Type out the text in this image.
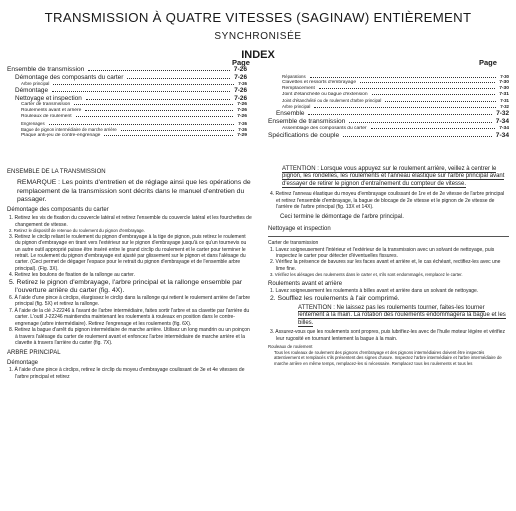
TRANSMISSION À QUATRE VITESSES (SAGINAW) ENTIÈREMENT
SYNCHRONISÉE
INDEX
Page	Page
Ensemble de transmission	7-26
Démontage des composants du carter	7-26
Arbre principal	7-26
Démontage	7-26
Nettoyage et inspection	7-26
Carter de transmission	7-26
Roulements avant et arrière	7-26
Rouleaux de roulement	7-26
Engrenages	7-26
Bague de pignon intermédiaire de marche arrière	7-26
Plaque anti-jeu de contre-engrenage	7-29
Réparations	7-30
Clavettes et ressorts d'embrayage	7-30
Remplacement	7-30
Joint d'étanchéité ou bague d'extension	7-31
Joint d'étanchéité ou de roulement d'arbre principal	7-31
Arbre principal	7-32
Ensemble	7-32
Ensemble de transmission	7-34
Assemblage des composants du carter	7-34
Spécifications de couple	7-34
ENSEMBLE DE LA TRANSMISSION

REMARQUE : Les points d'entretien et de réglage ainsi que les opérations de remplacement de la transmission sont décrits dans le manuel d'entretien du passager.

Démontage des composants du carter

1. Retirez les vis de fixation du couvercle latéral et retirez l'ensemble du couvercle latéral et les fourchettes de changement de vitesse.

2. Retirez le dispositif de retenue du roulement du pignon d'embrayage.

3. Retirez le circlip reliant le roulement du pignon d'embrayage à la tige de pignon, puis retirez le roulement du pignon d'embrayage en tirant vers l'extérieur sur le pignon d'embrayage jusqu'à ce qu'un tournevis ou un autre outil approprié puisse être inséré entre le grand circlip du roulement et le carter pour terminer le retrait. Le roulement du pignon d'embrayage est ajusté par glissement sur le pignon et dans l'alésage du carter. (Ceci permet de dégager l'espace pour le retrait du pignon d'embrayage et de l'ensemble arbre principal). (Fig. 3X).

4. Retirez les boulons de fixation de la rallonge au carter.

5. Retirez le pignon d'embrayage, l'arbre principal et la rallonge ensemble par l'ouverture arrière du carter (fig. 4X).

6. À l'aide d'une pince à circlips, élargissez le circlip dans la rallonge qui retient le roulement arrière de l'arbre principal (fig. 5X) et retirez la rallonge.

7. À l'aide de la clé J-22246 à l'avant de l'arbre intermédiaire, faites sortir l'arbre et sa clavette par l'arrière du carter. L'outil J-22246 maintiendra maintenant les roulements à rouleaux en position dans le contre-engrenage (arbre intermédiaire). Retirez l'engrenage et les roulements (fig. 6X).

8. Retirez la bague d'arrêt du pignon intermédiaire de marche arrière. Utilisez un long mandrin ou un poinçon à travers l'alésage du carter de roulement avant et enfoncez l'arbre intermédiaire de marche arrière et la clavette à travers l'arrière du carter (fig. 7X).

ARBRE PRINCIPAL
Démontage

1. À l'aide d'une pince à circlips, retirez le circlip du moyeu d'embrayage coulissant de 3e et 4e vitesses de l'arbre principal et retirez

ATTENTION : Lorsque vous appuyez sur le roulement arrière, veillez à centrer le pignon, les rondelles, les roulements et l'anneau élastique sur l'arbre principal avant d'essayer de retirer le pignon d'entraînement du compteur de vitesse.

4. Retirez l'anneau élastique du moyeu d'embrayage coulissant de 1re et de 2e vitesse de l'arbre principal et retirez l'ensemble d'embrayage, la bague de blocage de 2e vitesse et le pignon de 2e vitesse de l'arrière de l'arbre principal (fig. 13X et 14X).

Ceci termine le démontage de l'arbre principal.

Nettoyage et inspection
Carter de transmission

1. Lavez soigneusement l'intérieur et l'extérieur de la transmission avec un solvant de nettoyage, puis inspectez le carter pour détecter d'éventuelles fissures.

2. Vérifiez la présence de bavures sur les faces avant et arrière et, le cas échéant, rectifiez-les avec une lime fine.

3. Vérifiez les alésages des roulements dans le carter et, s'ils sont endommagés, remplacez le carter.

Roulements avant et arrière

1. Lavez soigneusement les roulements à billes avant et arrière dans un solvant de nettoyage.

2. Soufflez les roulements à l'air comprimé.

ATTENTION : Ne laissez pas les roulements tourner, faites-les tourner lentement à la main. La rotation des roulements endommagera la bague et les billes.

3. Assurez-vous que les roulements sont propres, puis lubrifiez-les avec de l'huile moteur légère et vérifiez leur rugosité en tournant lentement la bague à la main.

Rouleaux de roulement

Tous les rouleaux de roulement des pignons d'embrayage et des pignons intermédiaires doivent être inspectés attentivement et remplacés s'ils présentent des signes d'usure. Inspectez l'arbre intermédiaire et l'arbre intermédiaire de marche arrière en même temps, remplacez-les si nécessaire. Remplacez tous les roulements et tous les
